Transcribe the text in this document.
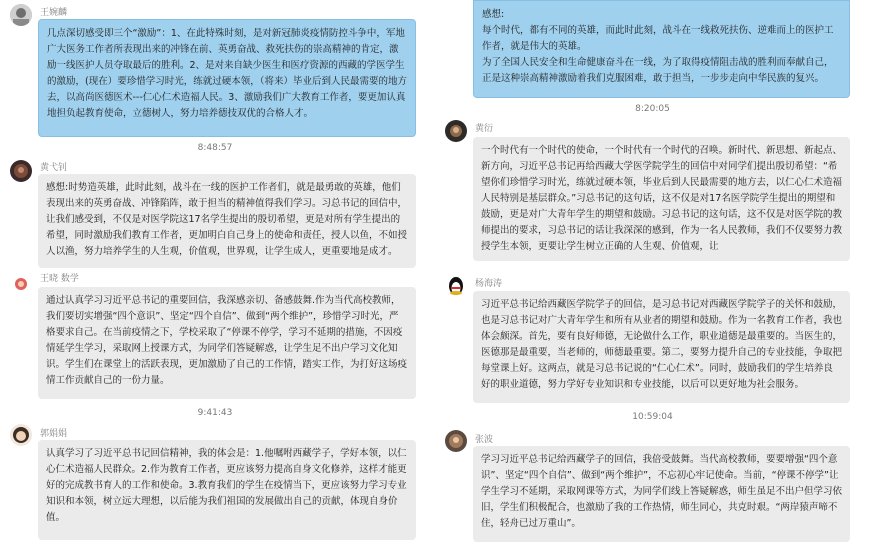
王婉麟

几点深切感受即三个“激励”：1、在此特殊时刻，是对新冠肺炎疫情防控斗争中，军地广大医务工作者所表现出来的冲锋在前、英勇奋战、救死扶伤的崇高精神的肯定，激励一线医护人员夺取最后的胜利。2、是对来自缺少医生和医疗资源的西藏的学医学生的激励，(现在）要珍惜学习时光，练就过硬本领，（将来）毕业后到人民最需要的地方去，以高尚医德医术---仁心仁术造福人民。3、激励我们广大教育工作者，要更加认真地担负起教育使命，立德树人，努力培养德技双优的合格人才。

8:48:57
黄弋钊

感想:时势造英雄，此时此刻，战斗在一线的医护工作者们，就是最勇敢的英雄，他们表现出来的英勇奋战、冲锋陷阵，敢于担当的精神值得我们学习。习总书记的回信中，让我们感受到，不仅是对医学院这17名学生提出的殷切希望，更是对所有学生提出的希望，同时激励我们教育工作者，更加明白自己身上的使命和责任，授人以鱼，不如授人以渔，努力培养学生的人生观，价值观，世界观，让学生成人，更重要地是成才。

王晓 数学

通过认真学习习近平总书记的重要回信，我深感亲切、备感鼓舞.作为当代高校教师，我们要切实增强“四个意识”、坚定“四个自信”、做到“两个维护”，珍惜学习时光，严格要求自己。在当前疫情之下，学校采取了“停课不停学，学习不延期的措施，不因疫情延学生学习，采取网上授课方式，为同学们答疑解惑，让学生足不出户学习文化知识。学生们在课堂上的活跃表现，更加激励了自己的工作情，踏实工作，为打好这场疫情工作贡献自己的一份力量。

9:41:43
郭娟娟

认真学习了习近平总书记回信精神，我的体会是：1.他嘱咐西藏学子，学好本领，以仁心仁术造福人民群众。2.作为教育工作者，更应该努力提高自身文化修养，这样才能更好的完成教书育人的工作和使命。3.教育我们的学生在疫情当下，更应该努力学习专业知识和本领，树立远大理想，以后能为我们祖国的发展做出自己的贡献，体现自身价值。

感想:

每个时代，都有不同的英雄，而此时此刻，战斗在一线救死扶伤、逆难而上的医护工作者，就是伟大的英雄。

为了全国人民安全和生命健康奋斗在一线，为了取得疫情阻击战的胜利而奉献自己，正是这种崇高精神激励着我们克服困难，敢于担当，一步步走向中华民族的复兴。

8:20:05
黄衍

一个时代有一个时代的使命，一个时代有一个时代的召唤。新时代、新思想、新起点、新方向，习近平总书记再给西藏大学医学院学生的回信中对同学们提出殷切希望：“希望你们珍惜学习时光，练就过硬本领，毕业后到人民最需要的地方去，以仁心仁术造福人民特别是基层群众。”习总书记的这句话，这不仅是对17名医学院学生提出的期望和鼓励，更是对广大青年学生的期望和鼓励。习总书记的这句话，这不仅是对医学院的教师提出的要求，习总书记的话让我深深的感到，作为一名人民教师，我们不仅要努力教授学生本领，更要让学生树立正确的人生观、价值观，让

杨海涛

习近平总书记给西藏医学院学子的回信，是习总书记对西藏医学院学子的关怀和鼓励，也是习总书记对广大青年学生和所有从业者的期望和鼓励。作为一名教育工作者，我也体会颇深。首先，要有良好师德，无论做什么工作，职业道德是最重要的。当医生的，医德那是最重要，当老师的，师德最重要。第二，要努力提升自己的专业技能，争取把每堂课上好。这两点，就是习总书记说的“仁心仁术”。同时，鼓励我们的学生培养良好的职业道德，努力学好专业知识和专业技能，以后可以更好地为社会服务。

10:59:04
张波

学习习近平总书记给西藏学子的回信，我倍受鼓舞。当代高校教师，要要增强“四个意识”、坚定“四个自信”、做到“两个维护”，不忘初心牢记使命。当前，“停课不停学”让学生学习不延期，采取网课等方式，为同学们线上答疑解惑，师生虽足不出户但学习依旧，学生们积极配合，也激励了我的工作热情，师生同心，共克时艰。“两岸猿声啼不住，轻舟已过万重山”。
